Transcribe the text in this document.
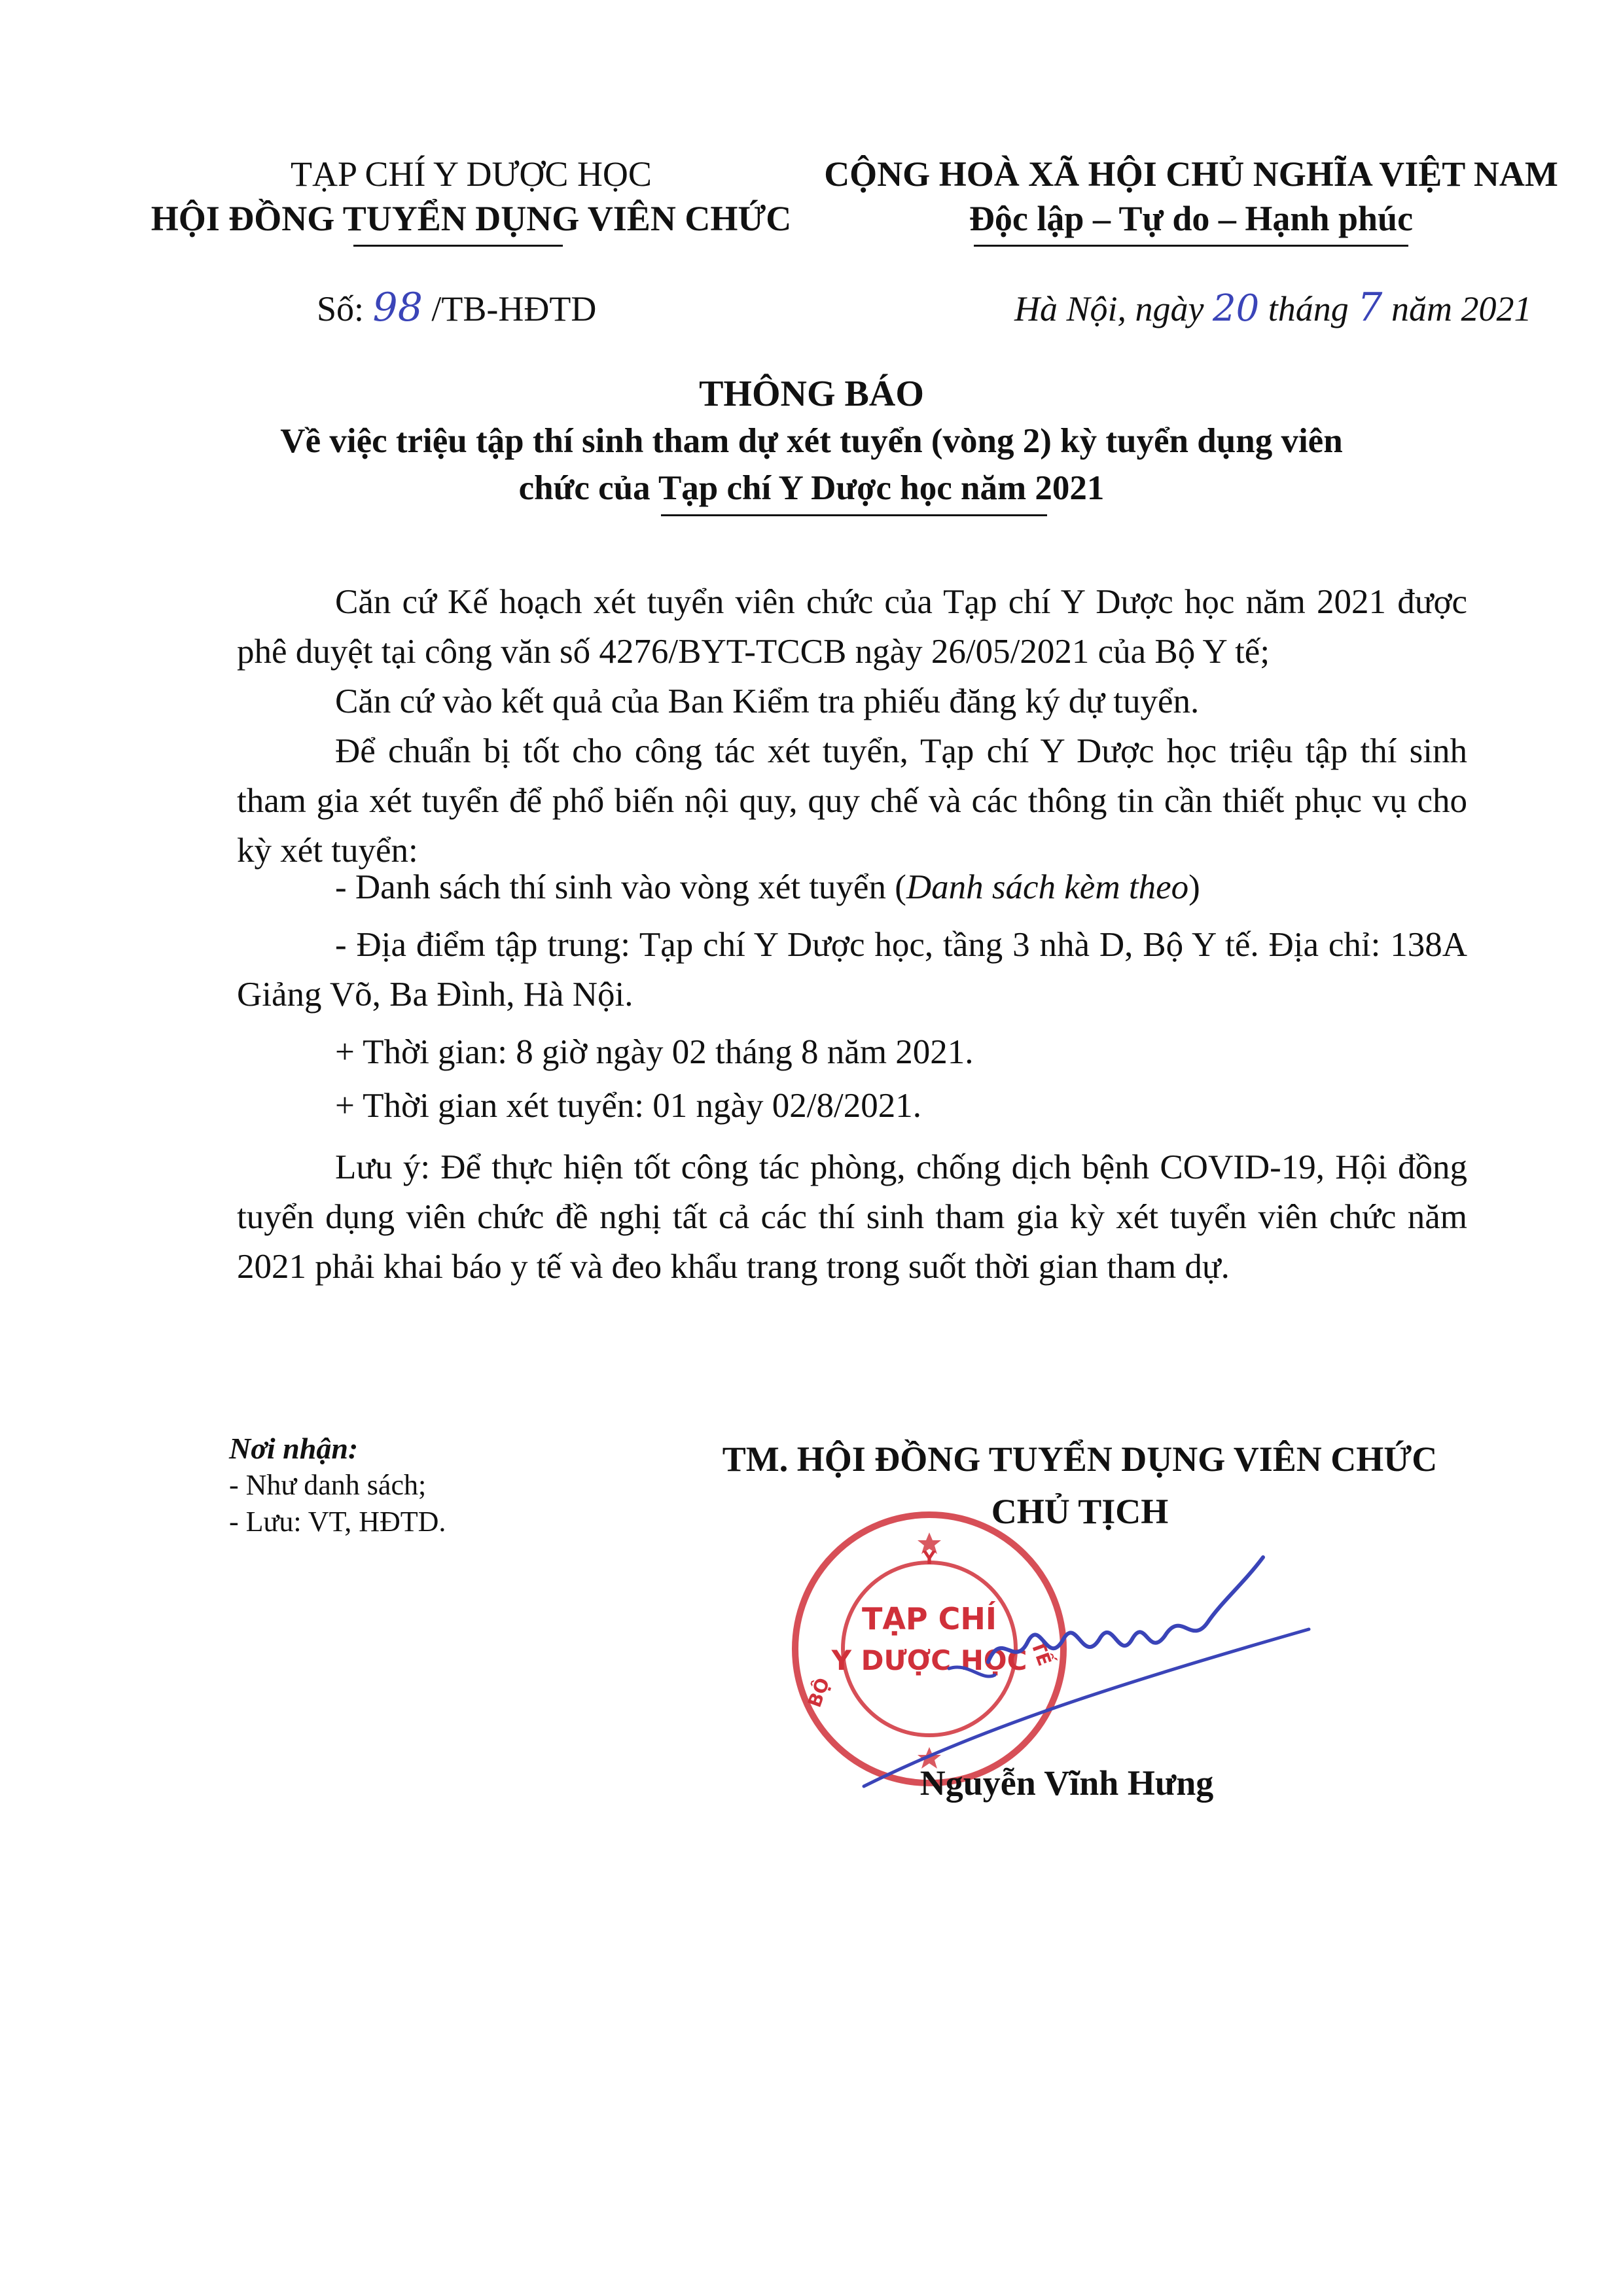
TẠP CHÍ Y DƯỢC HỌC
HỘI ĐỒNG TUYỂN DỤNG VIÊN CHỨC
CỘNG HOÀ XÃ HỘI CHỦ NGHĨA VIỆT NAM
Độc lập – Tự do – Hạnh phúc
Số: 98 /TB-HĐTD	Hà Nội, ngày 20 tháng 7 năm 2021
THÔNG BÁO
Về việc triệu tập thí sinh tham dự xét tuyển (vòng 2) kỳ tuyển dụng viên
chức của Tạp chí Y Dược học năm 2021

Căn cứ Kế hoạch xét tuyển viên chức của Tạp chí Y Dược học năm 2021 được phê duyệt tại công văn số 4276/BYT-TCCB ngày 26/05/2021 của Bộ Y tế;

Căn cứ vào kết quả của Ban Kiểm tra phiếu đăng ký dự tuyển.

Để chuẩn bị tốt cho công tác xét tuyển, Tạp chí Y Dược học triệu tập thí sinh tham gia xét tuyển để phổ biến nội quy, quy chế và các thông tin cần thiết phục vụ cho kỳ xét tuyển:

- Danh sách thí sinh vào vòng xét tuyển (Danh sách kèm theo)

- Địa điểm tập trung: Tạp chí Y Dược học, tầng 3 nhà D, Bộ Y tế. Địa chỉ: 138A Giảng Võ, Ba Đình, Hà Nội.

+ Thời gian: 8 giờ ngày 02 tháng 8 năm 2021.

+ Thời gian xét tuyển: 01 ngày 02/8/2021.

Lưu ý: Để thực hiện tốt công tác phòng, chống dịch bệnh COVID-19, Hội đồng tuyển dụng viên chức đề nghị tất cả các thí sinh tham gia kỳ xét tuyển viên chức năm 2021 phải khai báo y tế và đeo khẩu trang trong suốt thời gian tham dự.

Nơi nhận:
- Như danh sách;
- Lưu: VT, HĐTD.
TM. HỘI ĐỒNG TUYỂN DỤNG VIÊN CHỨC
CHỦ TỊCH
Y
BỘ
TẾ
TẠP CHÍ
Y DƯỢC HỌC
Nguyễn Vĩnh Hưng
